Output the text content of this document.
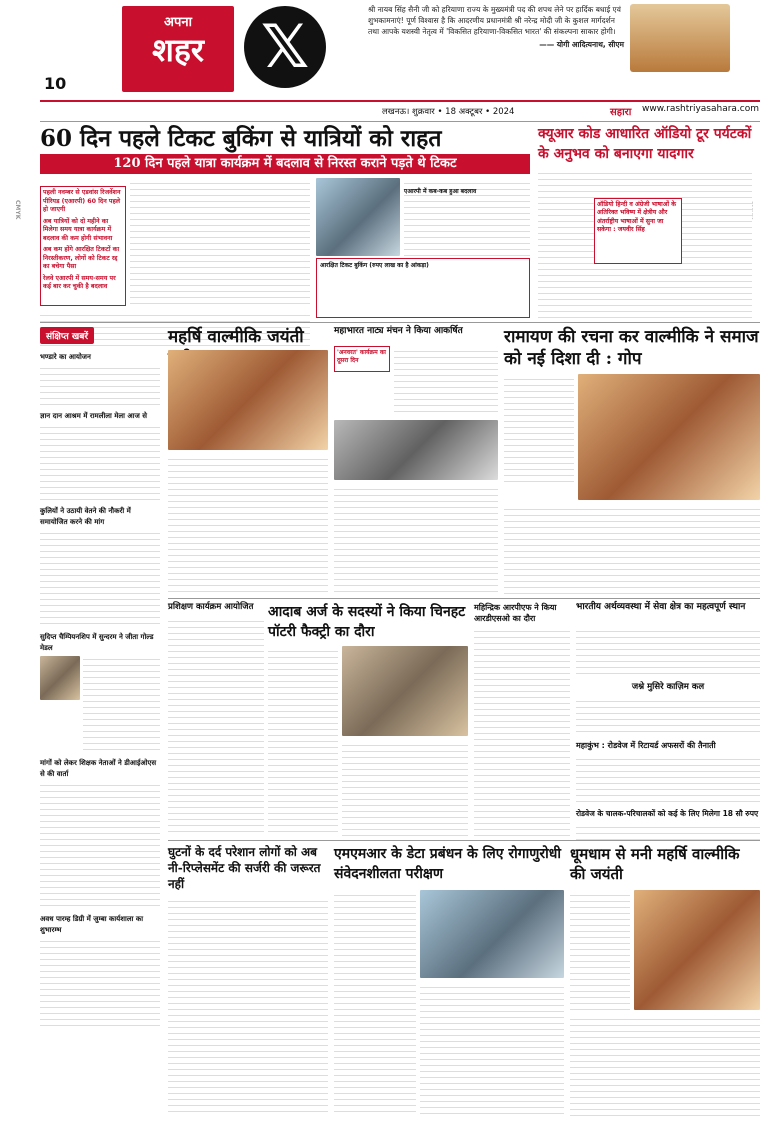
10
अपना
शहर 𝕏
श्री नायब सिंह सैनी जी को हरियाणा राज्य के मुख्यमंत्री पद की शपथ लेने पर हार्दिक बधाई एवं शुभकामनाएं! पूर्ण विश्वास है कि आदरणीय प्रधानमंत्री श्री नरेन्द्र मोदी जी के कुशल मार्गदर्शन तथा आपके यशस्वी नेतृत्व में 'विकसित हरियाणा-विकसित भारत' की संकल्पना साकार होगी।
—— योगी आदित्यनाथ, सीएम
लखनऊ। शुक्रवार • 18 अक्टूबर • 2024	सहारा www.rashtriyasahara.com
CMYK
60 दिन पहले टिकट बुकिंग से यात्रियों को राहत
120 दिन पहले यात्रा कार्यक्रम में बदलाव से निरस्त कराने पड़ते थे टिकट
पहली नवम्बर से एडवांस रिजर्वेशन पीरियड (एआरपी) 60 दिन पहले हो जाएगी
अब यात्रियों को दो महीने का मिलेगा समय यात्रा कार्यक्रम में बदलाव की कम होगी संभावना
अब कम होंगे आरक्षित टिकटों का निरस्तीकरण, लोगों को टिकट रद्द का बचेगा पैसा
रेलवे एआरपी में समय-समय पर कई बार कर चुकी है बदलाव
एआरपी में कब-कब हुआ बदलाव
आरक्षित टिकट बुकिंग (रुपए लाख का है आंकड़ा)
क्यूआर कोड आधारित ऑडियो टूर पर्यटकों के अनुभव को बनाएगा यादगार
ऑडियो हिन्दी व अंग्रेजी भाषाओं के अतिरिक्त भविष्य में क्षेत्रीय और अंतर्राष्ट्रीय भाषाओं में सुना जा सकेगा : जयवीर सिंह
संक्षिप्त खबरें
भण्डारे का आयोजन
ज्ञान दान आश्रम में रामलीला मेला आज से
कुलियों ने उठायी वेतने की नौकरी में समायोजित करने की मांग
सुदिप्त चैम्पियनशिप में सुन्दरम ने जीता गोल्ड मेडल
मांगों को लेकर शिक्षक नेताओं ने डीआईओएस से की वार्ता
अवध पारम्ह डिग्री में जुम्बा कार्यशाला का शुभारम्भ
महर्षि वाल्मीकि जयंती	महाभारत नाट्य मंचन ने किया आकर्षित
'अनवरत' कार्यक्रम का दूसरा दिन
रामायण की रचना कर वाल्मीकि ने समाज को नई दिशा दी : गोप
प्रशिक्षण कार्यक्रम आयोजित	आदाब अर्ज के सदस्यों ने किया चिनहट पॉटरी फैक्ट्री का दौरा
महिन्द्रिक आरपीएफ ने किया आरडीएसओ का दौरा
भारतीय अर्थव्यवस्था में सेवा क्षेत्र का महत्वपूर्ण स्थान
जश्ने मुसिरे काज़िम कल
महाकुंभ : रोडवेज में रिटायर्ड अफसरों की तैनाती
रोडवेज के चालक-परिचालकों को कई के लिए मिलेगा 18 सौ रुपए
घुटनों के दर्द परेशान लोगों को अब नी-रिप्लेसमेंट की सर्जरी की जरूरत नहीं
एमएमआर के डेटा प्रबंधन के लिए रोगाणुरोधी संवेदनशीलता परीक्षण
धूमधाम से मनी महर्षि वाल्मीकि की जयंती
